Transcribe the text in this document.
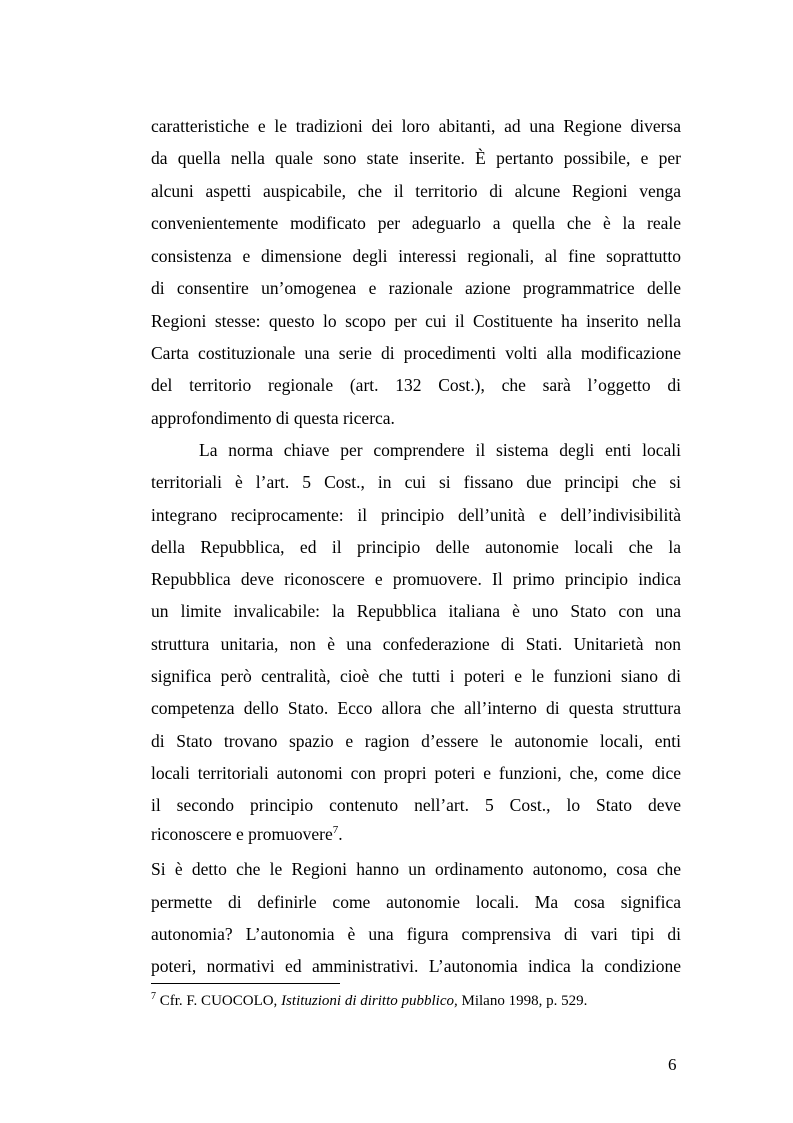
caratteristiche e le tradizioni dei loro abitanti, ad una Regione diversa
da quella nella quale sono state inserite. È pertanto possibile, e per
alcuni aspetti auspicabile, che il territorio di alcune Regioni venga
convenientemente modificato per adeguarlo a quella che è la reale
consistenza e dimensione degli interessi regionali, al fine soprattutto
di consentire un’omogenea e razionale azione programmatrice delle
Regioni stesse: questo lo scopo per cui il Costituente ha inserito nella
Carta costituzionale una serie di procedimenti volti alla modificazione
del territorio regionale (art. 132 Cost.), che sarà l’oggetto di
approfondimento di questa ricerca.
La norma chiave per comprendere il sistema degli enti locali
territoriali è l’art. 5 Cost., in cui si fissano due principi che si
integrano reciprocamente: il principio dell’unità e dell’indivisibilità
della Repubblica, ed il principio delle autonomie locali che la
Repubblica deve riconoscere e promuovere. Il primo principio indica
un limite invalicabile: la Repubblica italiana è uno Stato con una
struttura unitaria, non è una confederazione di Stati. Unitarietà non
significa però centralità, cioè che tutti i poteri e le funzioni siano di
competenza dello Stato. Ecco allora che all’interno di questa struttura
di Stato trovano spazio e ragion d’essere le autonomie locali, enti
locali territoriali autonomi con propri poteri e funzioni, che, come dice
il secondo principio contenuto nell’art. 5 Cost., lo Stato deve
riconoscere e promuovere$^7$.
Si è detto che le Regioni hanno un ordinamento autonomo, cosa che
permette di definirle come autonomie locali. Ma cosa significa
autonomia? L’autonomia è una figura comprensiva di vari tipi di
poteri, normativi ed amministrativi. L’autonomia indica la condizione
$^7$ Cfr. F. CUOCOLO, Istituzioni di diritto pubblico, Milano 1998, p. 529.
6
